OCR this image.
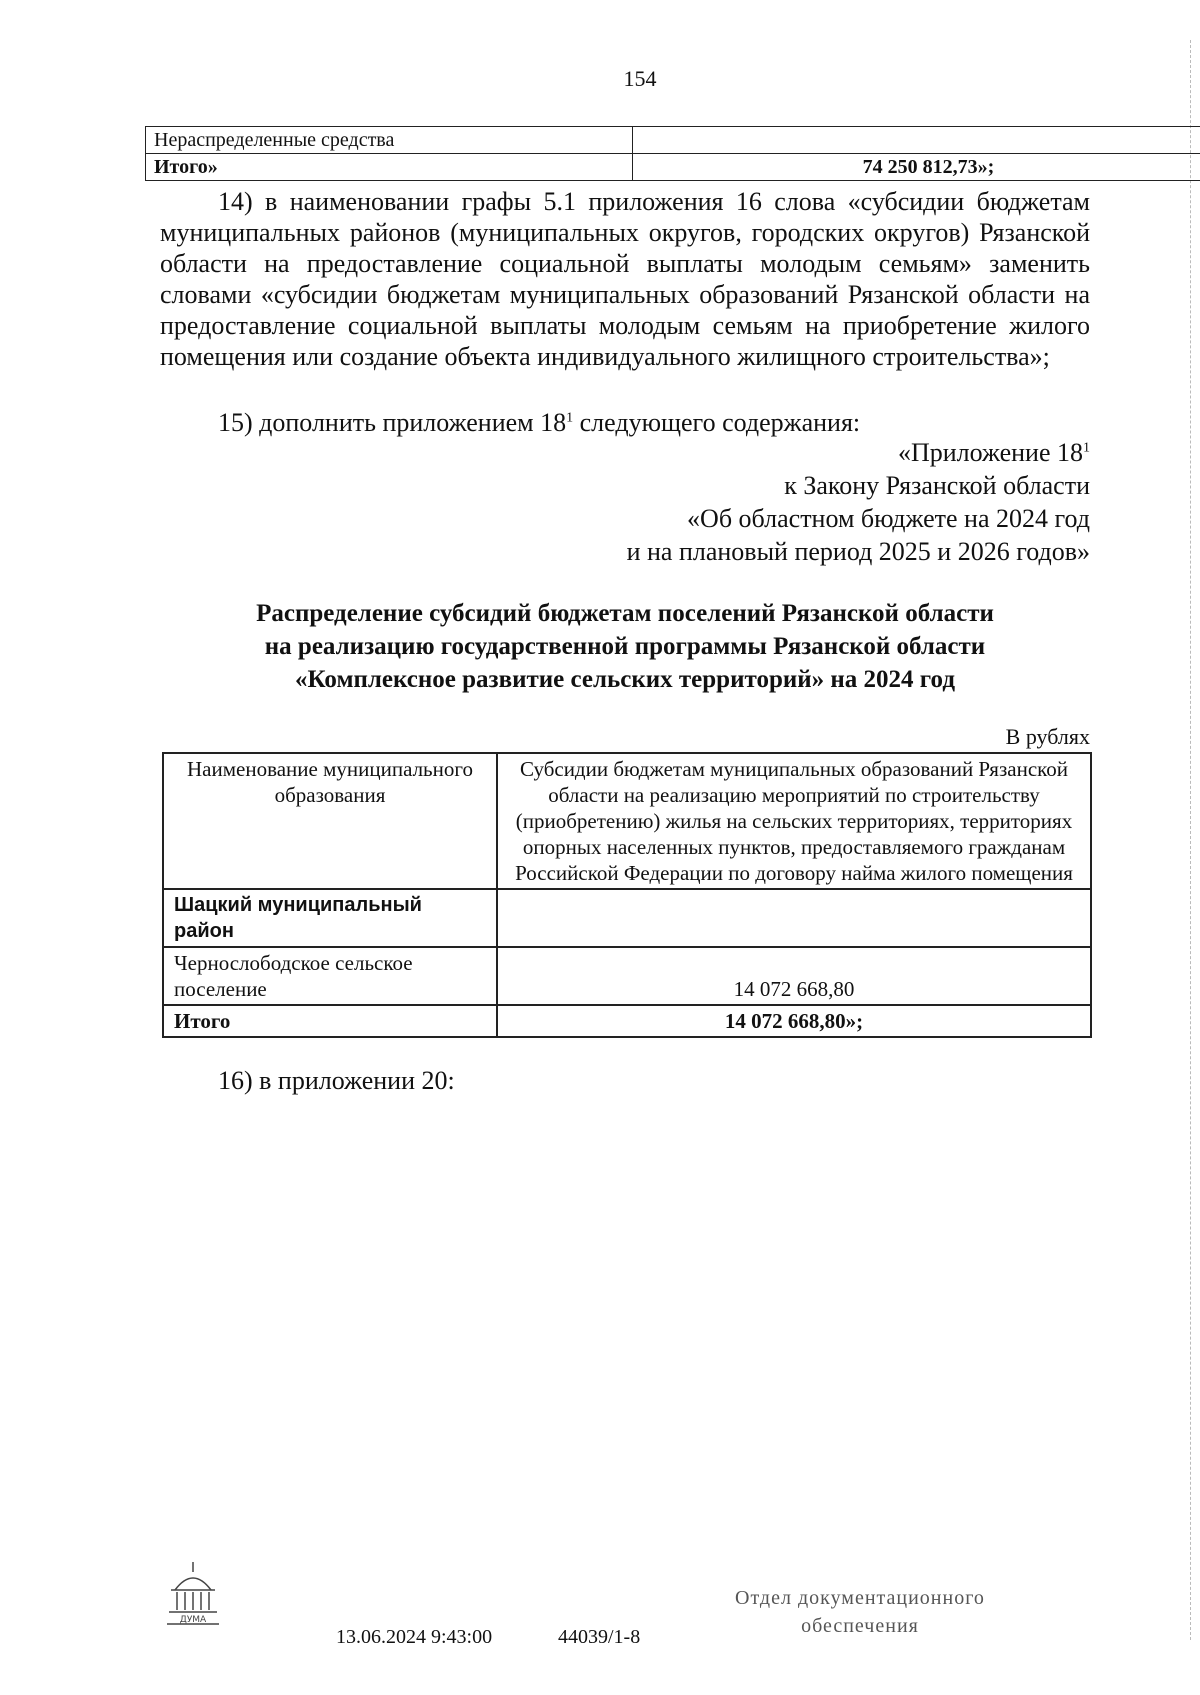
154
Нераспределенные средства	
Итого»	74 250 812,73»;
14) в наименовании графы 5.1 приложения 16 слова «субсидии бюджетам муниципальных районов (муниципальных округов, городских округов) Рязанской области на предоставление социальной выплаты молодым семьям» заменить словами «субсидии бюджетам муниципальных образований Рязанской области на предоставление социальной выплаты молодым семьям на приобретение жилого помещения или создание объекта индивидуального жилищного строительства»;
15) дополнить приложением $18^1$ следующего содержания:
«Приложение $18^1$
к Закону Рязанской области
«Об областном бюджете на 2024 год
и на плановый период 2025 и 2026 годов»
Распределение субсидий бюджетам поселений Рязанской области
на реализацию государственной программы Рязанской области
«Комплексное развитие сельских территорий» на 2024 год
В рублях
Наименование муниципального образования	Субсидии бюджетам муниципальных образований Рязанской области на реализацию мероприятий по строительству (приобретению) жилья на сельских территориях, территориях опорных населенных пунктов, предоставляемого гражданам Российской Федерации по договору найма жилого помещения
Шацкий муниципальный район	
Чернослободское сельское поселение	14 072 668,80
Итого	14 072 668,80»;
16) в приложении 20:
ДУМА
13.06.2024 9:43:00	44039/1-8
Отдел документационного
обеспечения
